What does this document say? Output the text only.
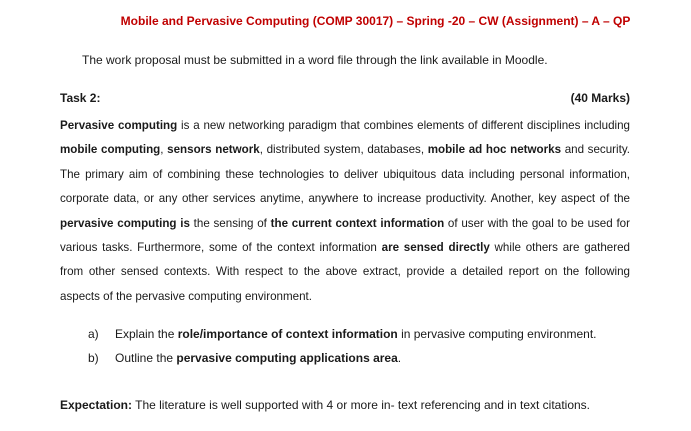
Mobile and Pervasive Computing (COMP 30017) – Spring -20 – CW (Assignment) – A – QP
The work proposal must be submitted in a word file through the link available in Moodle.
Task 2:	(40 Marks)
Pervasive computing is a new networking paradigm that combines elements of different disciplines including mobile computing, sensors network, distributed system, databases, mobile ad hoc networks and security. The primary aim of combining these technologies to deliver ubiquitous data including personal information, corporate data, or any other services anytime, anywhere to increase productivity. Another, key aspect of the pervasive computing is the sensing of the current context information of user with the goal to be used for various tasks. Furthermore, some of the context information are sensed directly while others are gathered from other sensed contexts. With respect to the above extract, provide a detailed report on the following aspects of the pervasive computing environment.
a)	Explain the role/importance of context information in pervasive computing environment.
b)	Outline the pervasive computing applications area.
Expectation: The literature is well supported with 4 or more in- text referencing and in text citations.
